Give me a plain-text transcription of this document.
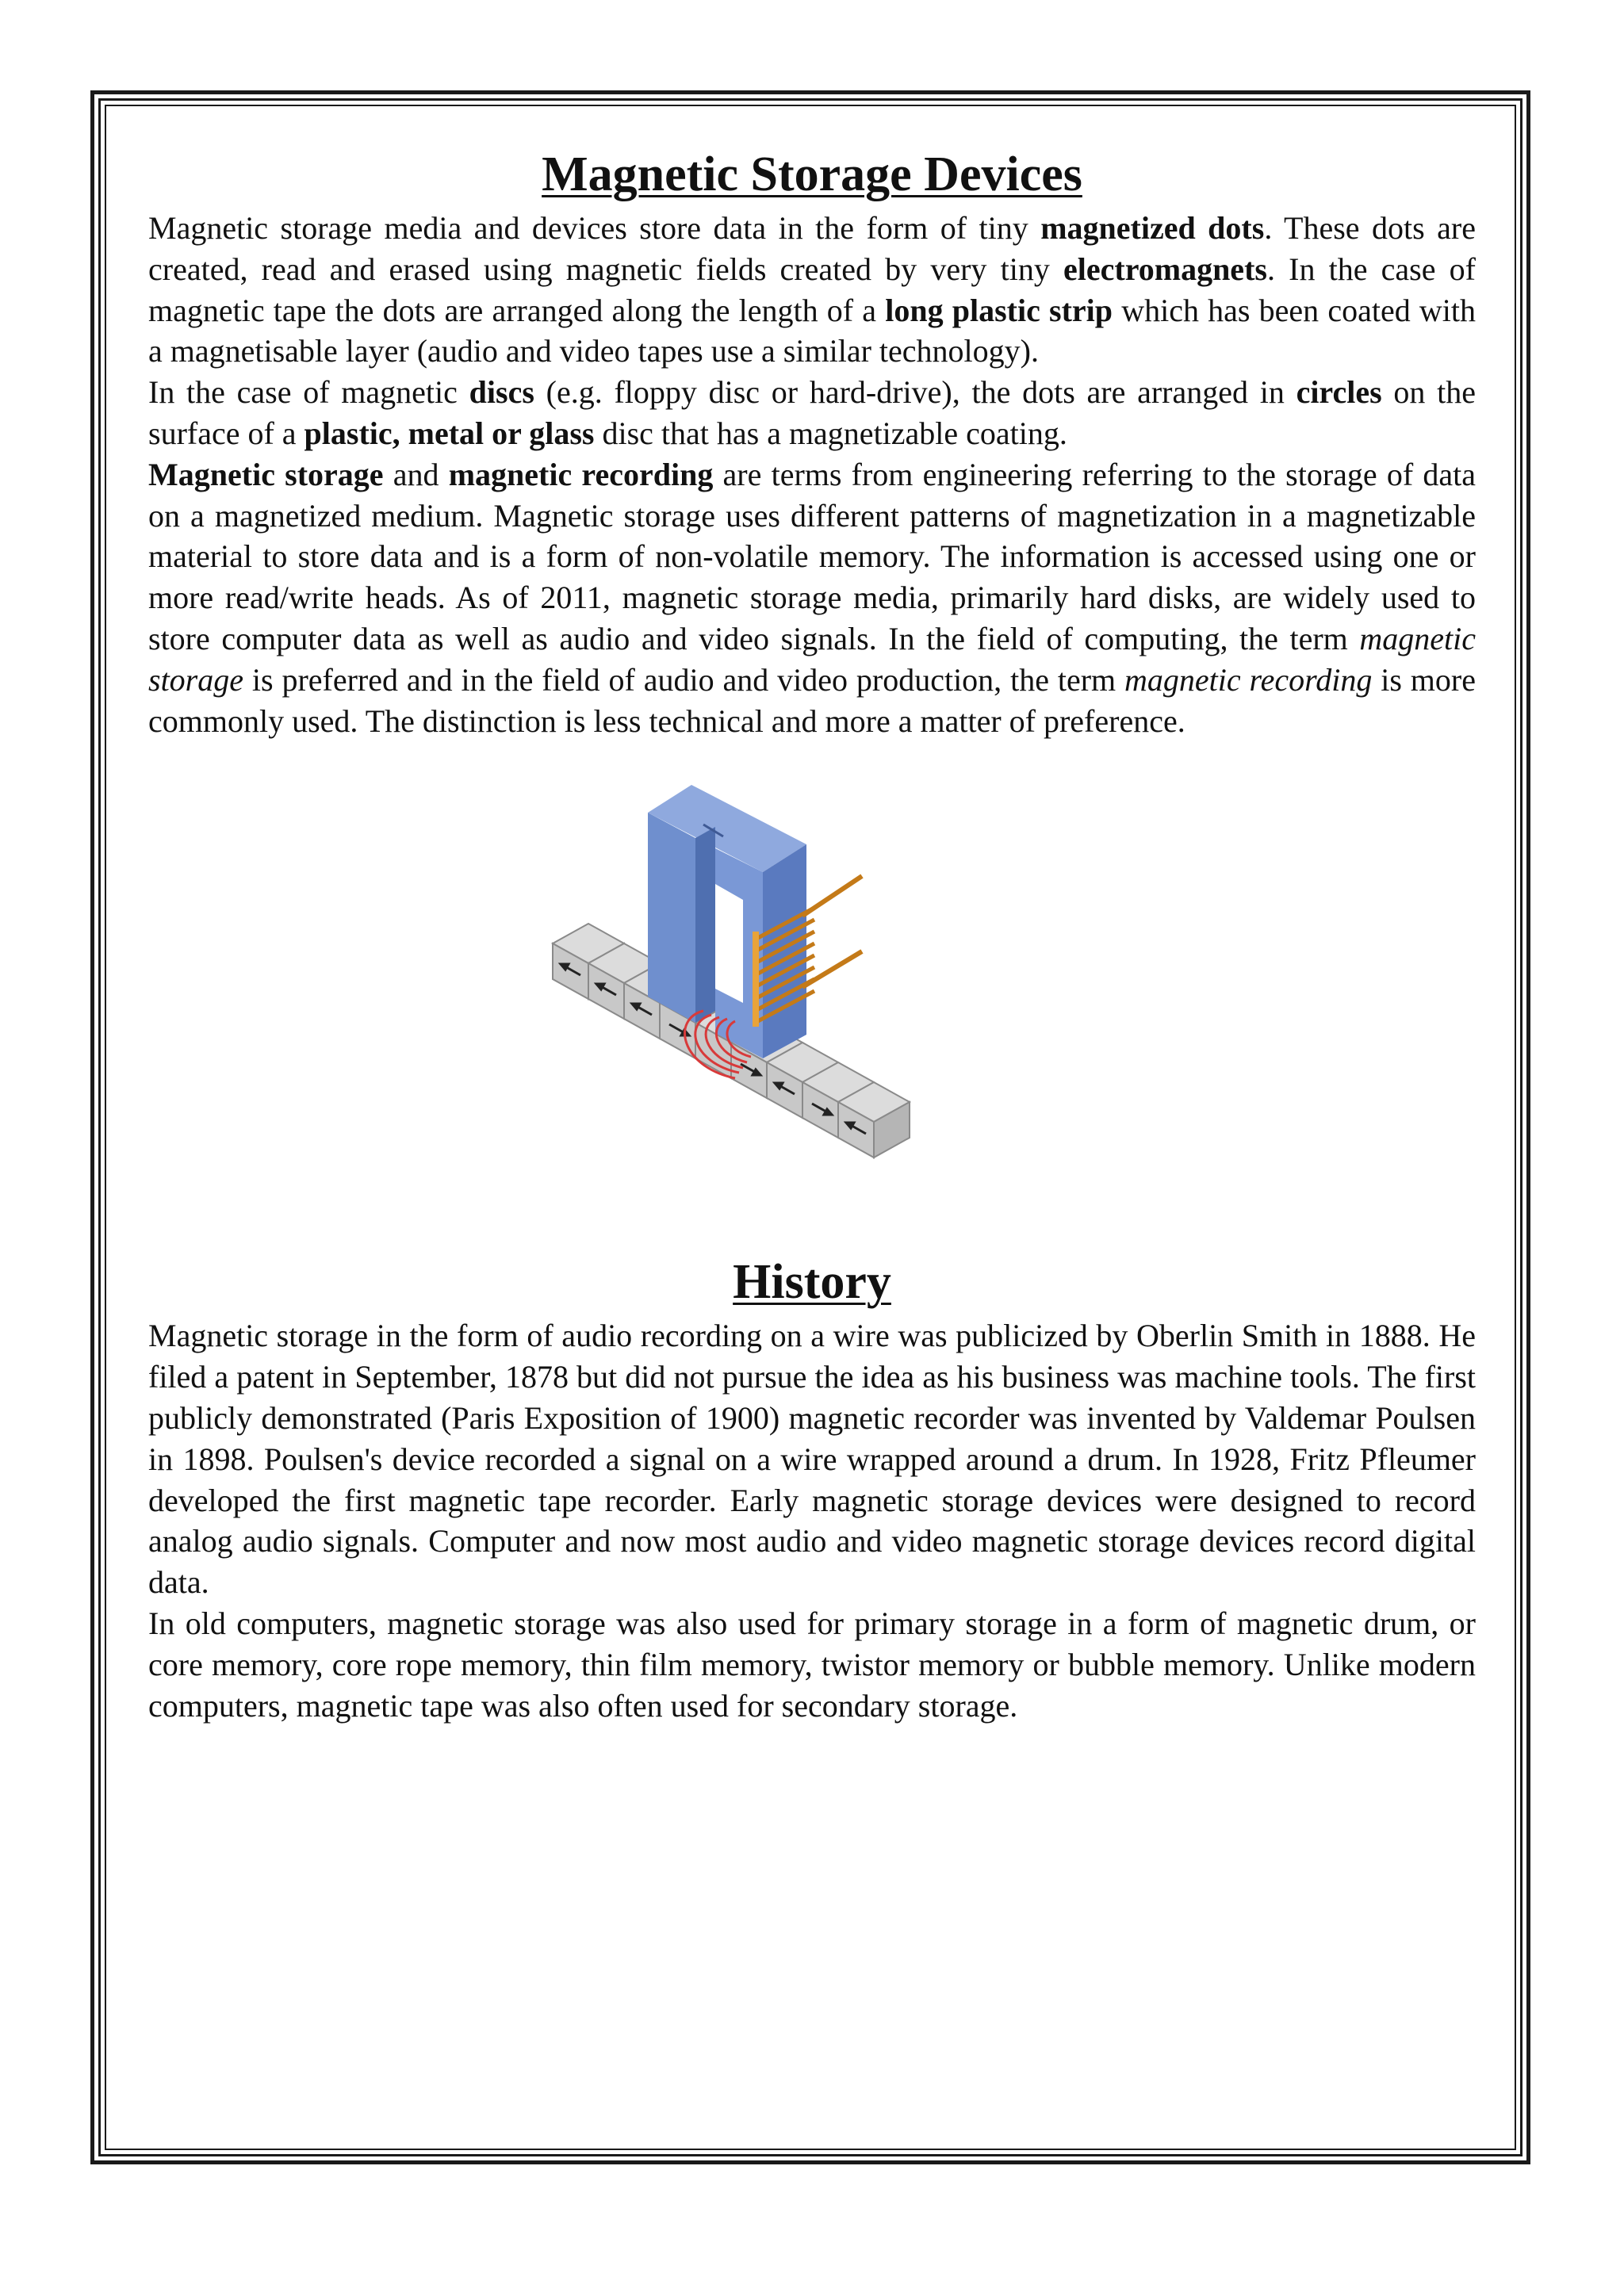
Magnetic Storage Devices

Magnetic storage media and devices store data in the form of tiny magnetized dots. These dots are created, read and erased using magnetic fields created by very tiny electromagnets. In the case of magnetic tape the dots are arranged along the length of a long plastic strip which has been coated with a magnetisable layer (audio and video tapes use a similar technology).

In the case of magnetic discs (e.g. floppy disc or hard-drive), the dots are arranged in circles on the surface of a plastic, metal or glass disc that has a magnetizable coating.

Magnetic storage and magnetic recording are terms from engineering referring to the storage of data on a magnetized medium. Magnetic storage uses different patterns of magnetization in a magnetizable material to store data and is a form of non-volatile memory. The information is accessed using one or more read/write heads. As of 2011, magnetic storage media, primarily hard disks, are widely used to store computer data as well as audio and video signals. In the field of computing, the term magnetic storage is preferred and in the field of audio and video production, the term magnetic recording is more commonly used. The distinction is less technical and more a matter of preference.

History

Magnetic storage in the form of audio recording on a wire was publicized by Oberlin Smith in 1888. He filed a patent in September, 1878 but did not pursue the idea as his business was machine tools. The first publicly demonstrated (Paris Exposition of 1900) magnetic recorder was invented by Valdemar Poulsen in 1898. Poulsen's device recorded a signal on a wire wrapped around a drum. In 1928, Fritz Pfleumer developed the first magnetic tape recorder. Early magnetic storage devices were designed to record analog audio signals. Computer and now most audio and video magnetic storage devices record digital data.

In old computers, magnetic storage was also used for primary storage in a form of magnetic drum, or core memory, core rope memory, thin film memory, twistor memory or bubble memory. Unlike modern computers, magnetic tape was also often used for secondary storage.
